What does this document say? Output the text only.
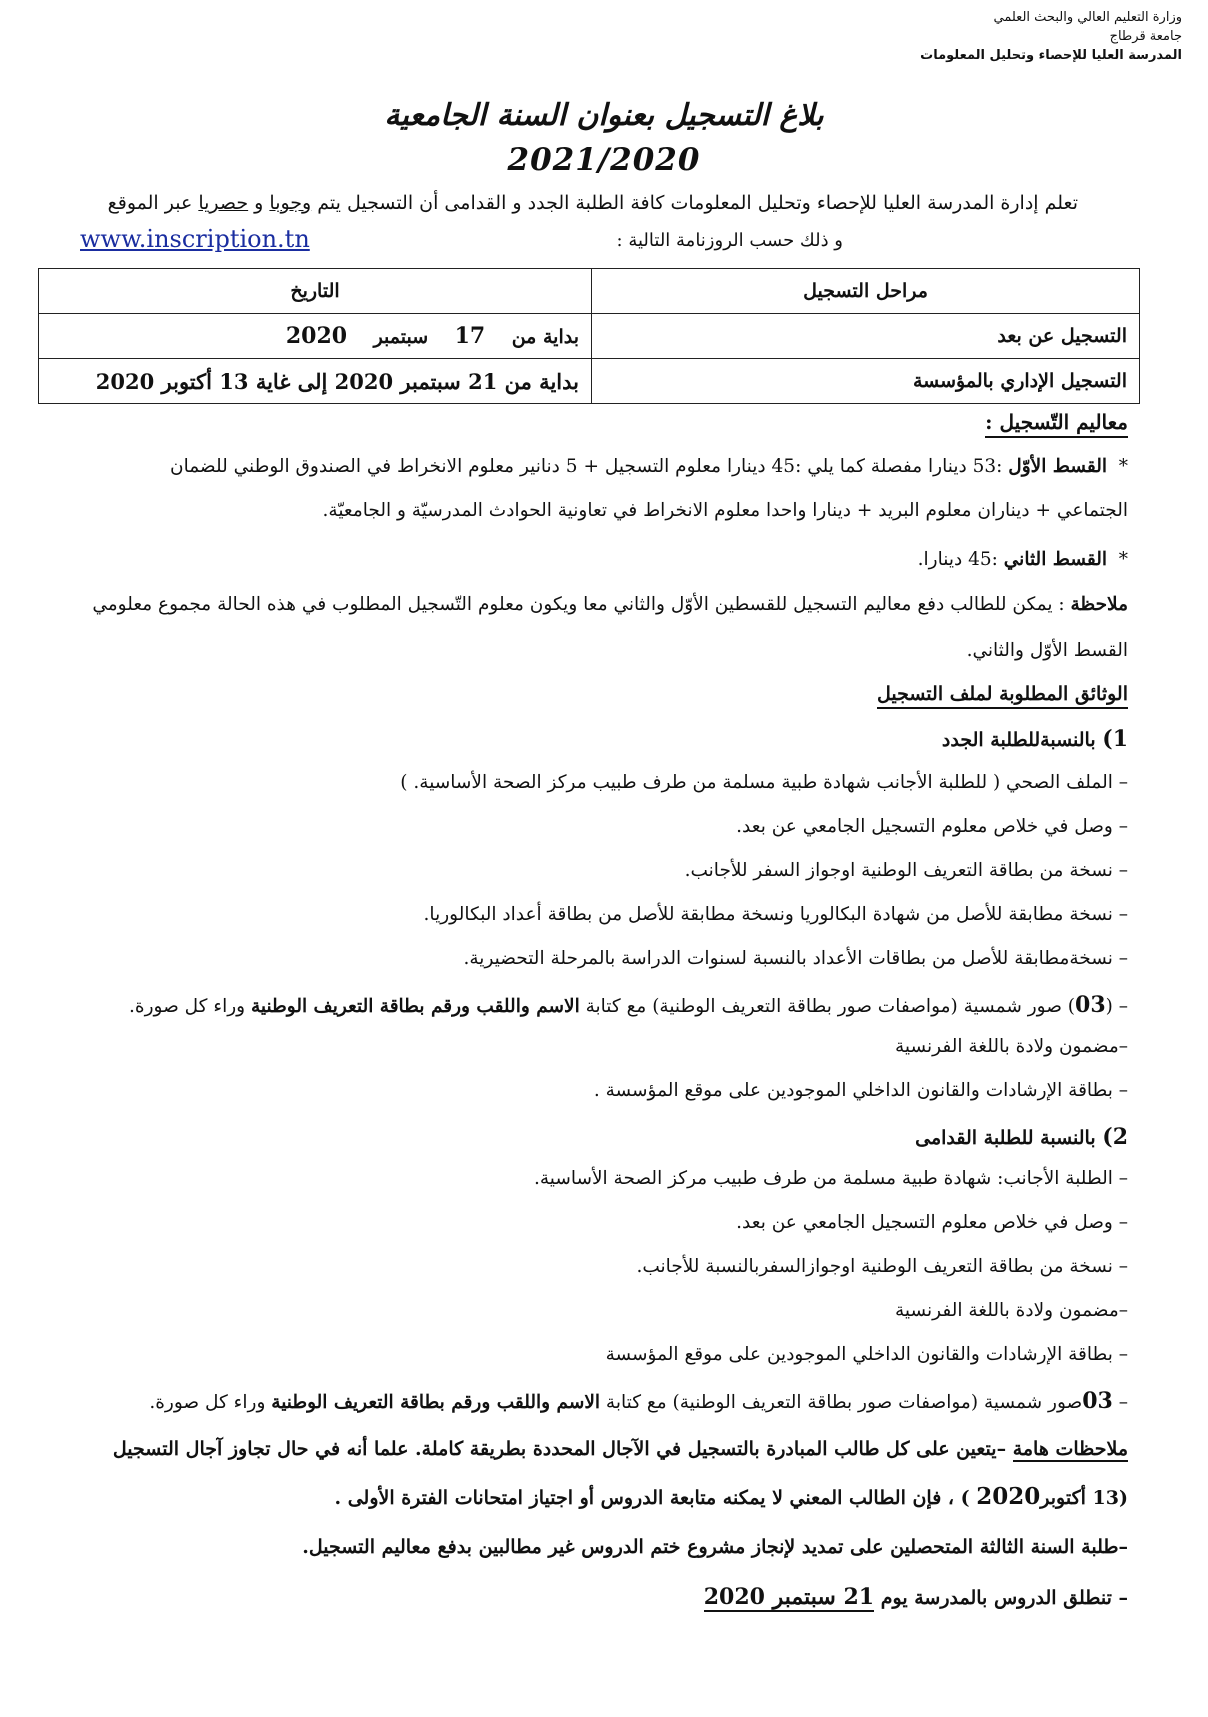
وزارة التعليم العالي والبحث العلمي
جامعة قرطاج
المدرسة العليا للإحصاء وتحليل المعلومات
بلاغ التسجيل بعنوان السنة الجامعية
2021/2020
تعلم إدارة المدرسة العليا للإحصاء وتحليل المعلومات كافة الطلبة الجدد و القدامى أن التسجيل يتم وجوبا و حصريا عبر الموقع
www.inscription.tn	و ذلك حسب الروزنامة التالية :
مراحل التسجيل	التاريخ
التسجيل عن بعد	بداية من    17    سبتمبر    2020
التسجيل الإداري بالمؤسسة	بداية من 21 سبتمبر 2020 إلى غاية 13 أكتوبر 2020
معاليم التّسجيل :
*  القسط الأوّل :53 دينارا مفصلة كما يلي :45 دينارا معلوم التسجيل + 5 دنانير معلوم الانخراط في الصندوق الوطني للضمان
الجتماعي + ديناران معلوم البريد + دينارا واحدا معلوم الانخراط في تعاونية الحوادث المدرسيّة و الجامعيّة.
*  القسط الثاني :45 دينارا.
ملاحظة : يمكن للطالب دفع معاليم التسجيل للقسطين الأوّل والثاني معا ويكون معلوم التّسجيل المطلوب في هذه الحالة مجموع معلومي
القسط الأوّل والثاني.
الوثائق المطلوبة لملف التسجيل
1) بالنسبةللطلبة الجدد
– الملف الصحي ( للطلبة الأجانب شهادة طبية مسلمة من طرف طبيب مركز الصحة الأساسية. )
– وصل في خلاص معلوم التسجيل الجامعي عن بعد.
– نسخة من بطاقة التعريف الوطنية اوجواز السفر للأجانب.
– نسخة مطابقة للأصل من شهادة البكالوريا ونسخة مطابقة للأصل من بطاقة أعداد البكالوريا.
– نسخةمطابقة للأصل من بطاقات الأعداد بالنسبة لسنوات الدراسة بالمرحلة التحضيرية.
– (03) صور شمسية (مواصفات صور بطاقة التعريف الوطنية) مع كتابة الاسم واللقب ورقم بطاقة التعريف الوطنية وراء كل صورة.
–مضمون ولادة باللغة الفرنسية
– بطاقة الإرشادات والقانون الداخلي الموجودين على موقع المؤسسة .
2) بالنسبة للطلبة القدامى
– الطلبة الأجانب: شهادة طبية مسلمة من طرف طبيب مركز الصحة الأساسية.
– وصل في خلاص معلوم التسجيل الجامعي عن بعد.
– نسخة من بطاقة التعريف الوطنية اوجوازالسفربالنسبة للأجانب.
–مضمون ولادة باللغة الفرنسية
– بطاقة الإرشادات والقانون الداخلي الموجودين على موقع المؤسسة
– 03صور شمسية (مواصفات صور بطاقة التعريف الوطنية) مع كتابة الاسم واللقب ورقم بطاقة التعريف الوطنية وراء كل صورة.
ملاحظات هامة –يتعين على كل طالب المبادرة بالتسجيل في الآجال المحددة بطريقة كاملة. علما أنه في حال تجاوز آجال التسجيل
(13 أكتوبر2020 ) ، فإن الطالب المعني لا يمكنه متابعة الدروس أو اجتياز امتحانات الفترة الأولى .
–طلبة السنة الثالثة المتحصلين على تمديد لإنجاز مشروع ختم الدروس غير مطالبين بدفع معاليم التسجيل.
– تنطلق الدروس بالمدرسة يوم 21 سبتمبر 2020
